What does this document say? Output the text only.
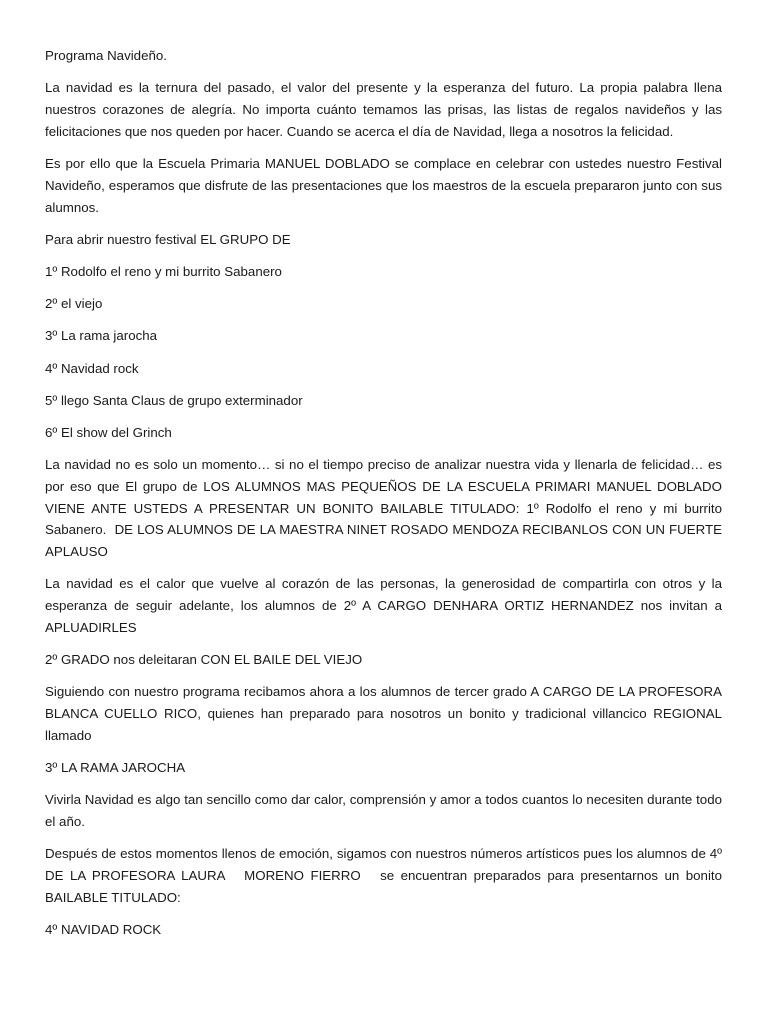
Programa Navideño.

La navidad es la ternura del pasado, el valor del presente y la esperanza del futuro. La propia palabra llena nuestros corazones de alegría. No importa cuánto temamos las prisas, las listas de regalos navideños y las felicitaciones que nos queden por hacer. Cuando se acerca el día de Navidad, llega a nosotros la felicidad.

Es por ello que la Escuela Primaria MANUEL DOBLADO se complace en celebrar con ustedes nuestro Festival Navideño, esperamos que disfrute de las presentaciones que los maestros de la escuela prepararon junto con sus alumnos.

Para abrir nuestro festival EL GRUPO DE

1º Rodolfo el reno y mi burrito Sabanero

2º el viejo

3º La rama jarocha

4º Navidad rock

5º llego Santa Claus de grupo exterminador

6º El show del Grinch

La navidad no es solo un momento… si no el tiempo preciso de analizar nuestra vida y llenarla de felicidad… es por eso que El grupo de LOS ALUMNOS MAS PEQUEÑOS DE LA ESCUELA PRIMARI MANUEL DOBLADO VIENE ANTE USTEDS A PRESENTAR UN BONITO BAILABLE TITULADO: 1º Rodolfo el reno y mi burrito Sabanero.  DE LOS ALUMNOS DE LA MAESTRA NINET ROSADO MENDOZA RECIBANLOS CON UN FUERTE APLAUSO

La navidad es el calor que vuelve al corazón de las personas, la generosidad de compartirla con otros y la esperanza de seguir adelante, los alumnos de 2º A CARGO DENHARA ORTIZ HERNANDEZ nos invitan a APLUADIRLES

2º GRADO nos deleitaran CON EL BAILE DEL VIEJO

Siguiendo con nuestro programa recibamos ahora a los alumnos de tercer grado A CARGO DE LA PROFESORA BLANCA CUELLO RICO, quienes han preparado para nosotros un bonito y tradicional villancico REGIONAL llamado

3º LA RAMA JAROCHA

Vivirla Navidad es algo tan sencillo como dar calor, comprensión y amor a todos cuantos lo necesiten durante todo el año.

Después de estos momentos llenos de emoción, sigamos con nuestros números artísticos pues los alumnos de 4º DE LA PROFESORA LAURA   MORENO FIERRO   se encuentran preparados para presentarnos un bonito BAILABLE TITULADO:

4º NAVIDAD ROCK
